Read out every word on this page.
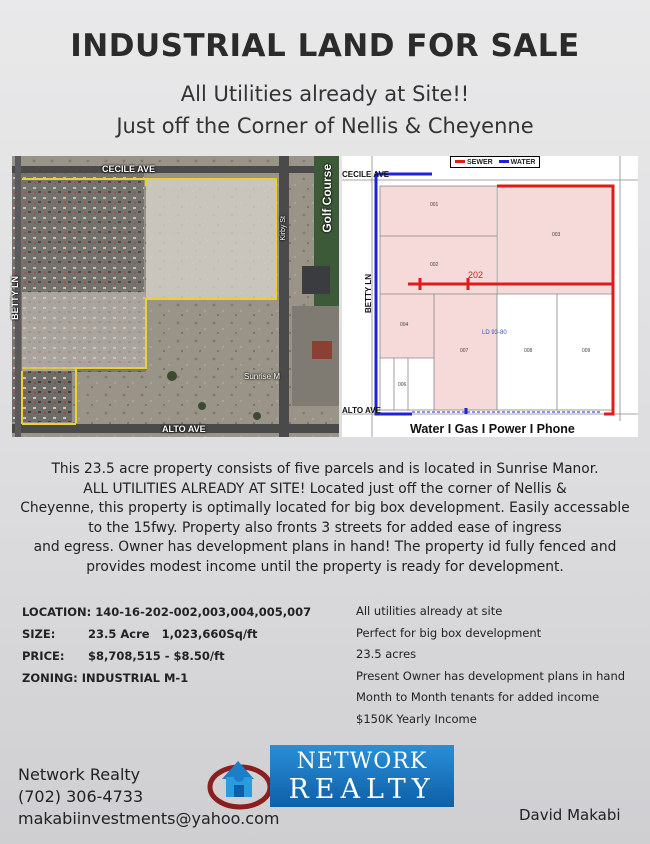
INDUSTRIAL LAND FOR SALE
All Utilities already at Site!!
Just off the Corner of Nellis & Cheyenne
CECILE AVE
ALTO AVE
BETTY LN
Golf Course
Kirby St
Sunrise M
001
003
002
004
007	008	009
006
SEWER	WATER
CECILE AVE
ALTO AVE
BETTY LN	202
LD 93-80
Water I Gas I Power I Phone

This 23.5 acre property consists of five parcels and is located in Sunrise Manor.

ALL UTILITIES ALREADY AT SITE! Located just off the corner of Nellis &

Cheyenne, this property is optimally located for big box development. Easily accessable

to the 15fwy. Property also fronts 3 streets for added ease of ingress

and egress. Owner has development plans in hand! The property id fully fenced and

provides modest income until the property is ready for development.

LOCATION: 140-16-202-002,003,004,005,007
SIZE:	23.5 Acre   1,023,660Sq/ft
PRICE: $8,708,515 - $8.50/ft
ZONING: INDUSTRIAL M-1
All utilities already at site
Perfect for big box development
23.5 acres
Present Owner has development plans in hand
Month to Month tenants for added income
$150K Yearly Income
Network Realty
(702) 306-4733
makabiinvestments@yahoo.com
NETWORK
REALTY
David Makabi
